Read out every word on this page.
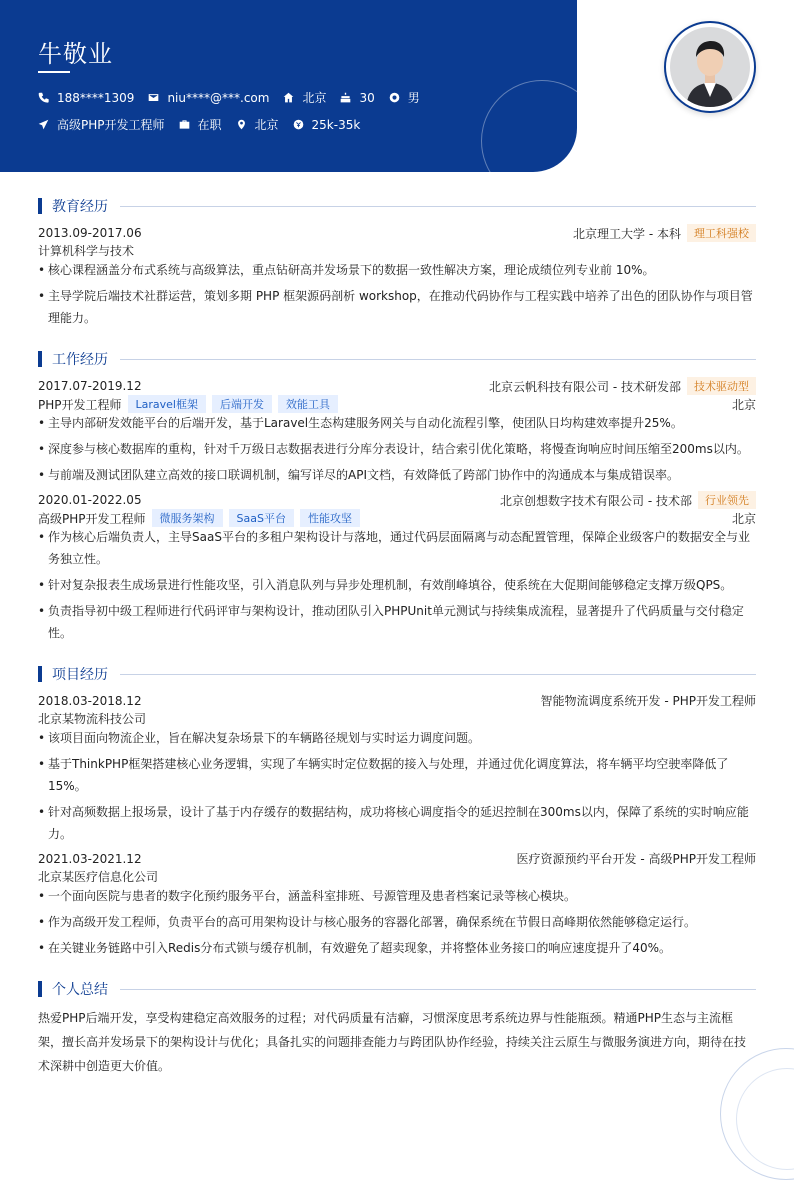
牛敬业
188****1309	niu****@***.com	北京	30	男
高级PHP开发工程师	在职	北京	25k-35k
教育经历
2013.09-2017.06	北京理工大学 - 本科	理工科强校
计算机科学与技术
• 核心课程涵盖分布式系统与高级算法，重点钻研高并发场景下的数据一致性解决方案，理论成绩位列专业前 10%。
• 主导学院后端技术社群运营，策划多期 PHP 框架源码剖析 workshop，在推动代码协作与工程实践中培养了出色的团队协作与项目管理能力。
工作经历
2017.07-2019.12	北京云帆科技有限公司 - 技术研发部	技术驱动型
PHP开发工程师	Laravel框架	后端开发	效能工具	北京
• 主导内部研发效能平台的后端开发，基于Laravel生态构建服务网关与自动化流程引擎，使团队日均构建效率提升25%。
• 深度参与核心数据库的重构，针对千万级日志数据表进行分库分表设计，结合索引优化策略，将慢查询响应时间压缩至200ms以内。
• 与前端及测试团队建立高效的接口联调机制，编写详尽的API文档，有效降低了跨部门协作中的沟通成本与集成错误率。
2020.01-2022.05	北京创想数字技术有限公司 - 技术部	行业领先
高级PHP开发工程师	微服务架构	SaaS平台	性能攻坚	北京
• 作为核心后端负责人，主导SaaS平台的多租户架构设计与落地，通过代码层面隔离与动态配置管理，保障企业级客户的数据安全与业务独立性。
• 针对复杂报表生成场景进行性能攻坚，引入消息队列与异步处理机制，有效削峰填谷，使系统在大促期间能够稳定支撑万级QPS。
• 负责指导初中级工程师进行代码评审与架构设计，推动团队引入PHPUnit单元测试与持续集成流程，显著提升了代码质量与交付稳定性。
项目经历
2018.03-2018.12	智能物流调度系统开发 - PHP开发工程师
北京某物流科技公司
• 该项目面向物流企业，旨在解决复杂场景下的车辆路径规划与实时运力调度问题。
• 基于ThinkPHP框架搭建核心业务逻辑，实现了车辆实时定位数据的接入与处理，并通过优化调度算法，将车辆平均空驶率降低了15%。
• 针对高频数据上报场景，设计了基于内存缓存的数据结构，成功将核心调度指令的延迟控制在300ms以内，保障了系统的实时响应能力。
2021.03-2021.12	医疗资源预约平台开发 - 高级PHP开发工程师
北京某医疗信息化公司
• 一个面向医院与患者的数字化预约服务平台，涵盖科室排班、号源管理及患者档案记录等核心模块。
• 作为高级开发工程师，负责平台的高可用架构设计与核心服务的容器化部署，确保系统在节假日高峰期依然能够稳定运行。
• 在关键业务链路中引入Redis分布式锁与缓存机制，有效避免了超卖现象，并将整体业务接口的响应速度提升了40%。
个人总结
热爱PHP后端开发，享受构建稳定高效服务的过程；对代码质量有洁癖，习惯深度思考系统边界与性能瓶颈。精通PHP生态与主流框架，擅长高并发场景下的架构设计与优化；具备扎实的问题排查能力与跨团队协作经验，持续关注云原生与微服务演进方向，期待在技术深耕中创造更大价值。
